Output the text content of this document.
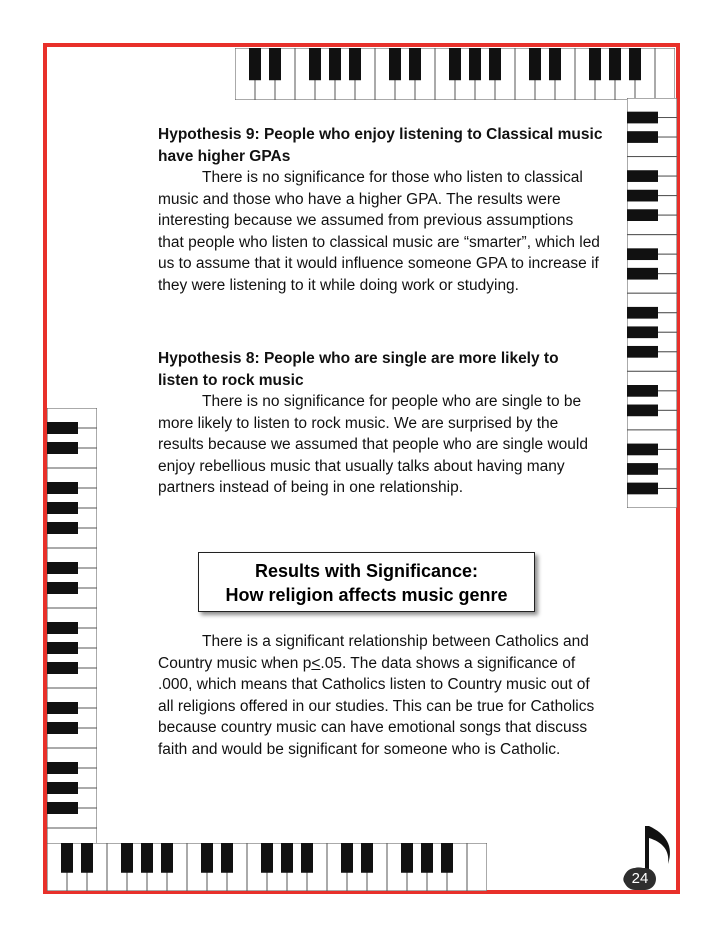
Hypothesis 9: People who enjoy listening to Classical music have higher GPAs

There is no significance for those who listen to classical music and those who have a higher GPA. The results were interesting because we assumed from previous assumptions that people who listen to classical music are “smarter”, which led us to assume that it would influence someone GPA to increase if they were listening to it while doing work or studying.

Hypothesis 8: People who are single are more likely to listen to rock music

There is no significance for people who are single to be more likely to listen to rock music. We are surprised by the results because we assumed that people who are single would enjoy rebellious music that usually talks about having many partners instead of being in one relationship.

Results with Significance:
How religion affects music genre

There is a significant relationship between Catholics and Country music when p≤.05. The data shows a significance of .000, which means that Catholics listen to Country music out of all religions offered in our studies. This can be true for Catholics because country music can have emotional songs that discuss faith and would be significant for someone who is Catholic.

24
